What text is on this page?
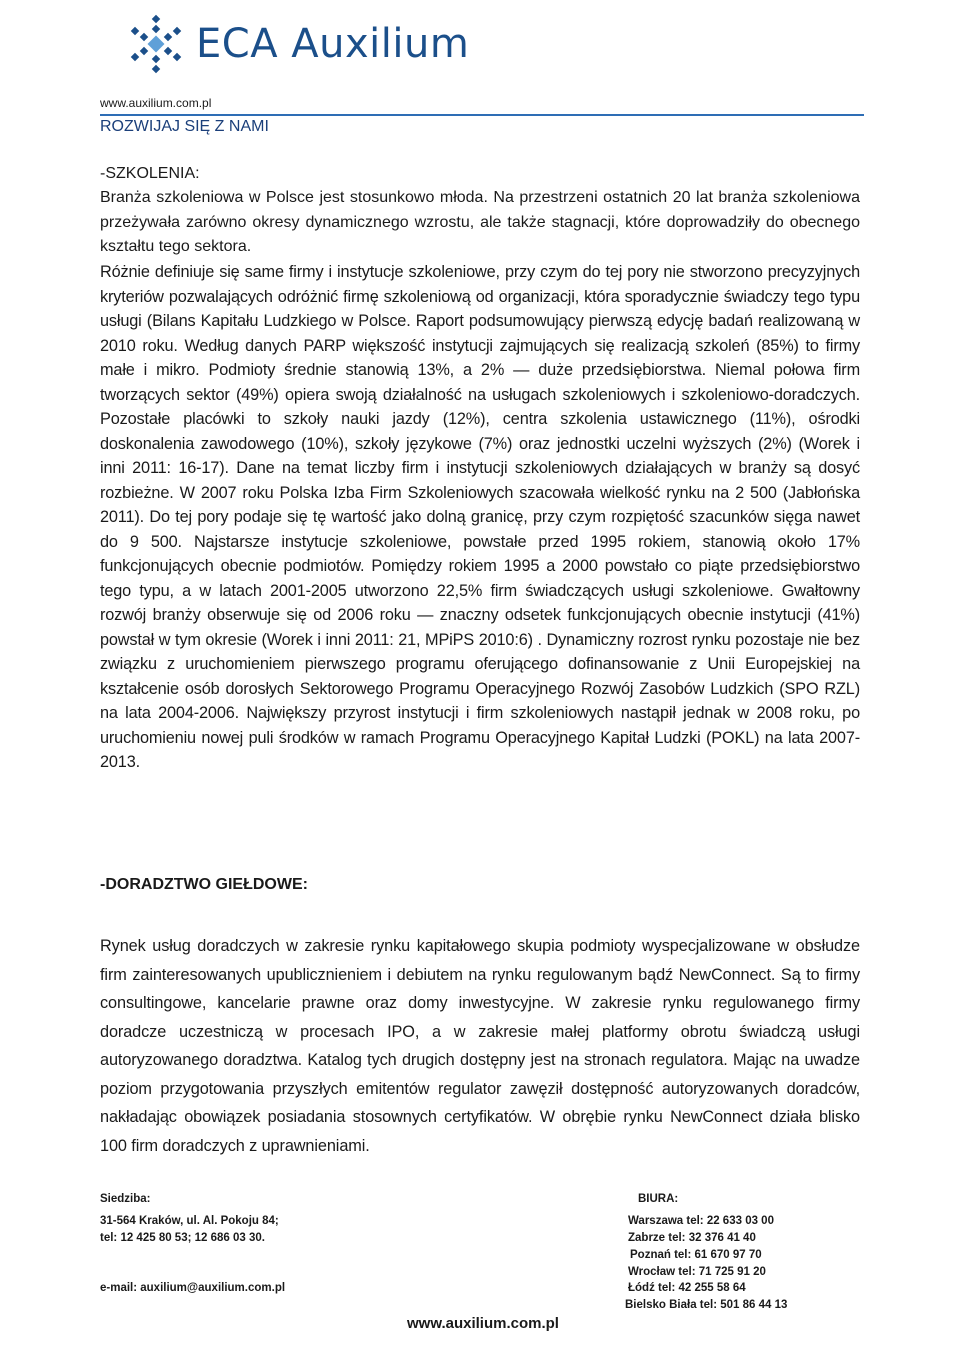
ECA Auxilium
www.auxilium.com.pl
ROZWIJAJ SIĘ Z NAMI
-SZKOLENIA:
Branża szkoleniowa w Polsce jest stosunkowo młoda. Na przestrzeni ostatnich 20 lat branża szkoleniowa przeżywała zarówno okresy dynamicznego wzrostu, ale także stagnacji, które doprowadziły do obecnego kształtu tego sektora.
Różnie definiuje się same firmy i instytucje szkoleniowe, przy czym do tej pory nie stworzono precyzyjnych kryteriów pozwalających odróżnić firmę szkoleniową od organizacji, która sporadycznie świadczy tego typu usługi (Bilans Kapitału Ludzkiego w Polsce. Raport podsumowujący pierwszą edycję badań realizowaną w 2010 roku. Według danych PARP większość instytucji zajmujących się realizacją szkoleń (85%) to firmy małe i mikro. Podmioty średnie stanowią 13%, a 2% — duże przedsiębiorstwa. Niemal połowa firm tworzących sektor (49%) opiera swoją działalność na usługach szkoleniowych i szkoleniowo-doradczych. Pozostałe placówki to szkoły nauki jazdy (12%), centra szkolenia ustawicznego (11%), ośrodki doskonalenia zawodowego (10%), szkoły językowe (7%) oraz jednostki uczelni wyższych (2%) (Worek i inni 2011: 16-17). Dane na temat liczby firm i instytucji szkoleniowych działających w branży są dosyć rozbieżne. W 2007 roku Polska Izba Firm Szkoleniowych szacowała wielkość rynku na 2 500 (Jabłońska 2011). Do tej pory podaje się tę wartość jako dolną granicę, przy czym rozpiętość szacunków sięga nawet do 9 500. Najstarsze instytucje szkoleniowe, powstałe przed 1995 rokiem, stanowią około 17% funkcjonujących obecnie podmiotów. Pomiędzy rokiem 1995 a 2000 powstało co piąte przedsiębiorstwo tego typu, a w latach 2001-2005 utworzono 22,5% firm świadczących usługi szkoleniowe. Gwałtowny rozwój branży obserwuje się od 2006 roku — znaczny odsetek funkcjonujących obecnie instytucji (41%) powstał w tym okresie (Worek i inni 2011: 21, MPiPS 2010:6) . Dynamiczny rozrost rynku pozostaje nie bez związku z uruchomieniem pierwszego programu oferującego dofinansowanie z Unii Europejskiej na kształcenie osób dorosłych Sektorowego Programu Operacyjnego Rozwój Zasobów Ludzkich (SPO RZL) na lata 2004-2006. Największy przyrost instytucji i firm szkoleniowych nastąpił jednak w 2008 roku, po uruchomieniu nowej puli środków w ramach Programu Operacyjnego Kapitał Ludzki (POKL) na lata 2007-2013.
-DORADZTWO GIEŁDOWE:
Rynek usług doradczych w zakresie rynku kapitałowego skupia podmioty wyspecjalizowane w obsłudze firm zainteresowanych upublicznieniem i debiutem na rynku regulowanym bądź NewConnect. Są to firmy consultingowe, kancelarie prawne oraz domy inwestycyjne. W zakresie rynku regulowanego firmy doradcze uczestniczą w procesach IPO, a w zakresie małej platformy obrotu świadczą usługi autoryzowanego doradztwa. Katalog tych drugich dostępny jest na stronach regulatora. Mając na uwadze poziom przygotowania przyszłych emitentów regulator zawęził dostępność autoryzowanych doradców, nakładając obowiązek posiadania stosownych certyfikatów. W obrębie rynku NewConnect działa blisko 100 firm doradczych z uprawnieniami.
Siedziba:
31-564 Kraków, ul. Al. Pokoju 84;
tel: 12 425 80 53; 12 686 03 30.
e-mail: auxilium@auxilium.com.pl
BIURA:
Warszawa tel: 22 633 03 00
Zabrze tel: 32 376 41 40
Poznań tel: 61 670 97 70
Wrocław tel: 71 725 91 20
Łódź tel: 42 255 58 64
Bielsko Biała tel: 501 86 44 13
www.auxilium.com.pl
